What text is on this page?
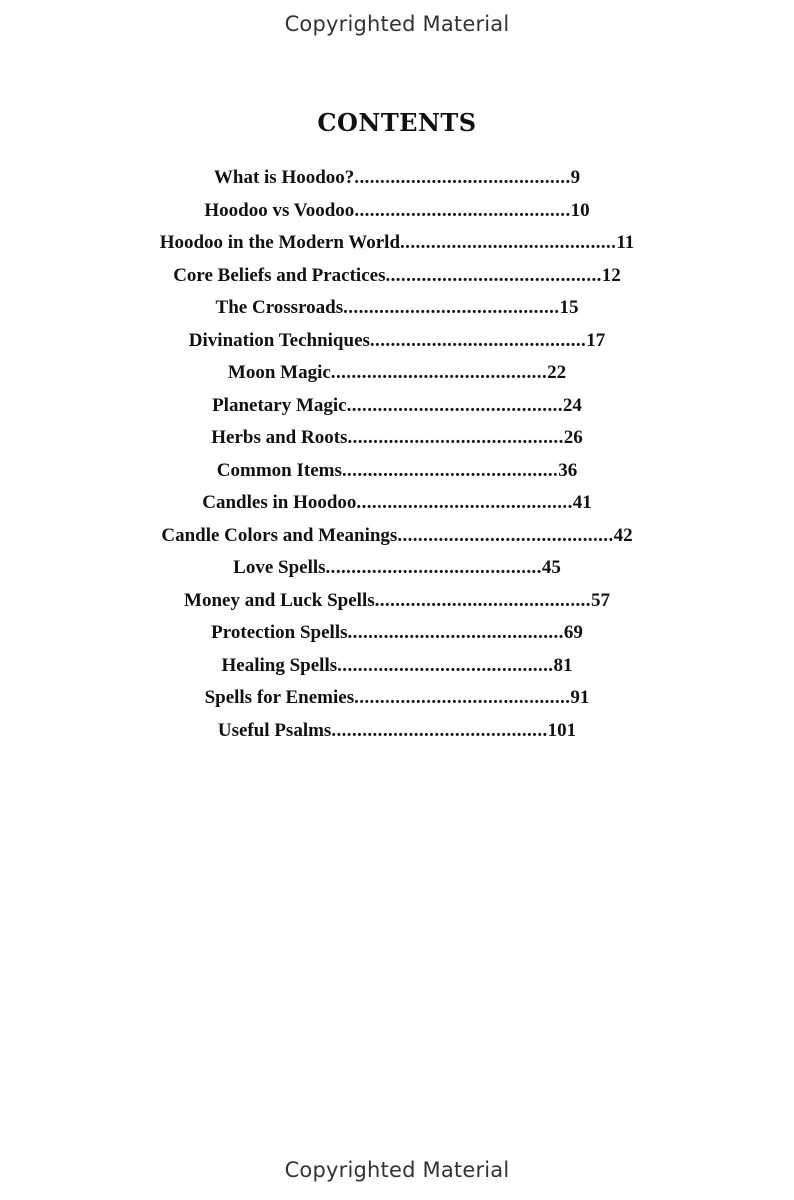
Copyrighted Material
CONTENTS
What is Hoodoo?..........................................9
Hoodoo vs Voodoo..........................................10
Hoodoo in the Modern World..........................................11
Core Beliefs and Practices..........................................12
The Crossroads..........................................15
Divination Techniques..........................................17
Moon Magic..........................................22
Planetary Magic..........................................24
Herbs and Roots..........................................26
Common Items..........................................36
Candles in Hoodoo..........................................41
Candle Colors and Meanings..........................................42
Love Spells..........................................45
Money and Luck Spells..........................................57
Protection Spells..........................................69
Healing Spells..........................................81
Spells for Enemies..........................................91
Useful Psalms..........................................101
Copyrighted Material
